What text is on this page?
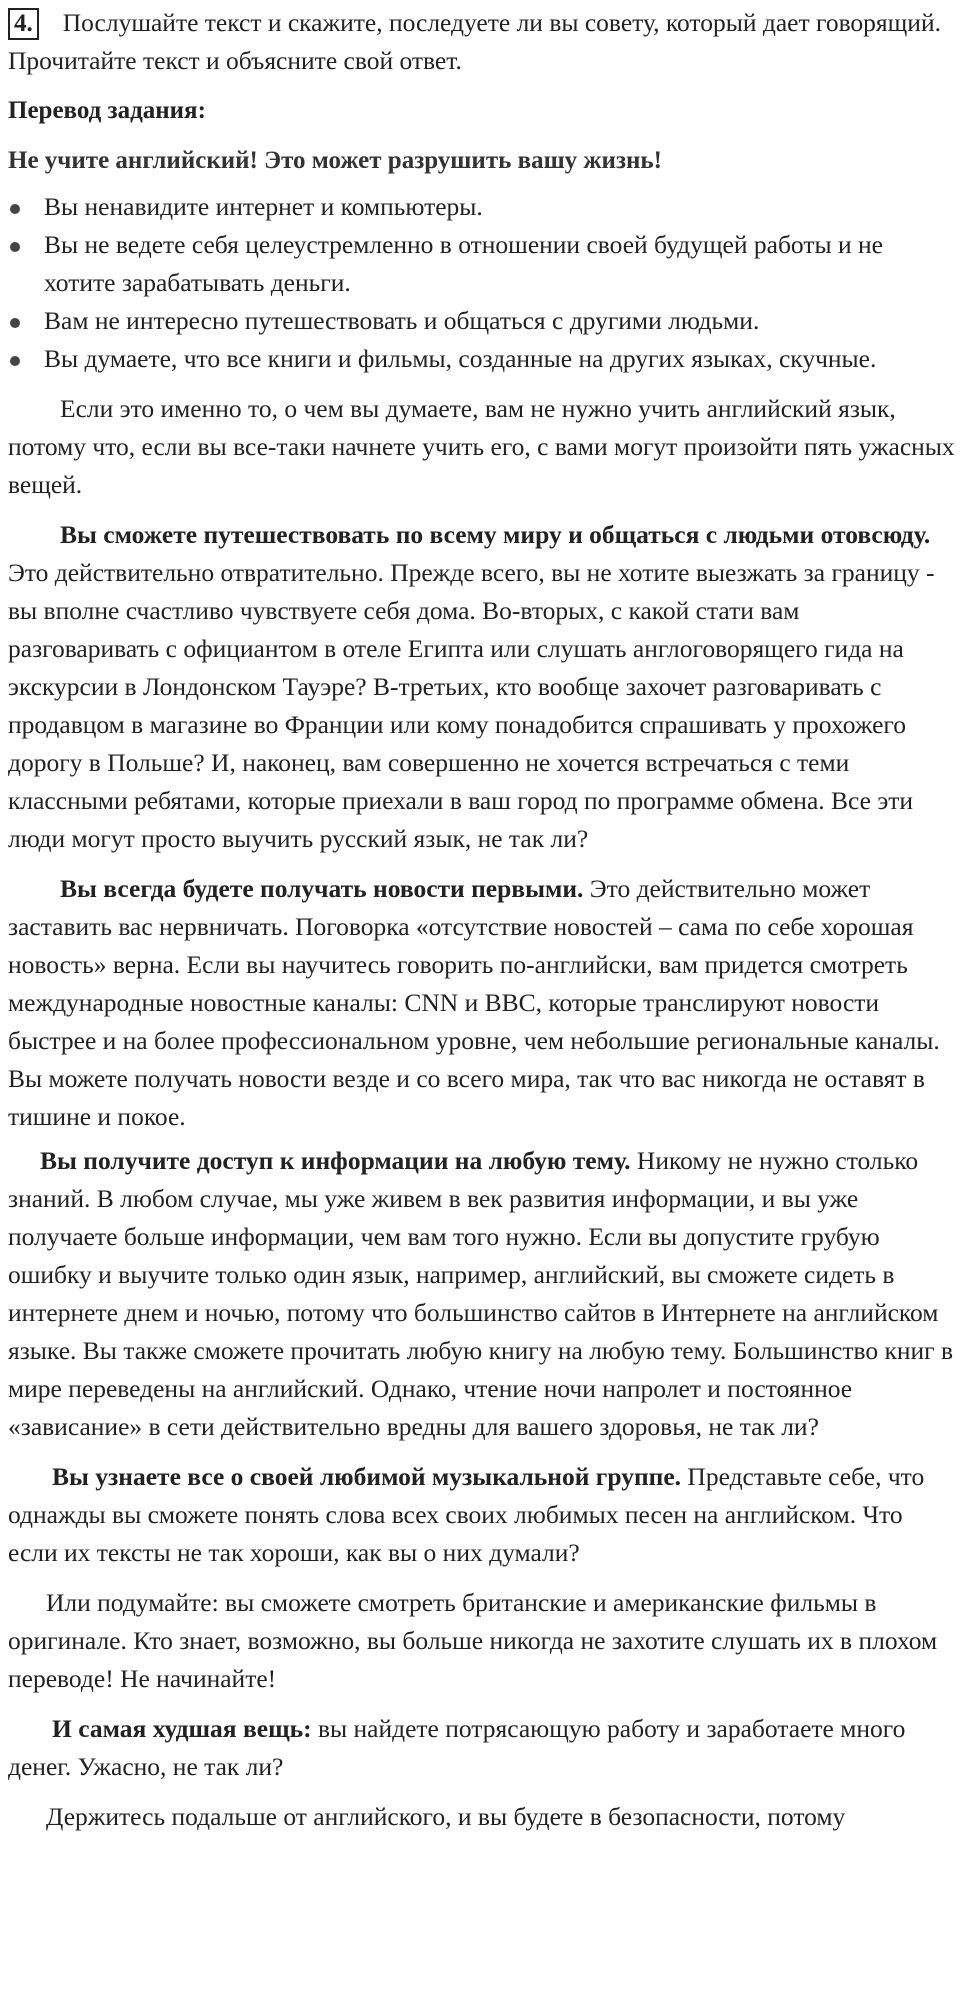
4. Послушайте текст и скажите, последуете ли вы совету, который дает говорящий. Прочитайте текст и объясните свой ответ.

Перевод задания:
Не учите английский! Это может разрушить вашу жизнь!
Вы ненавидите интернет и компьютеры.
Вы не ведете себя целеустремленно в отношении своей будущей работы и не хотите зарабатывать деньги.
Вам не интересно путешествовать и общаться с другими людьми.
Вы думаете, что все книги и фильмы, созданные на других языках, скучные.

Если это именно то, о чем вы думаете, вам не нужно учить английский язык, потому что, если вы все-таки начнете учить его, с вами могут произойти пять ужасных вещей.

Вы сможете путешествовать по всему миру и общаться с людьми отовсюду. Это действительно отвратительно. Прежде всего, вы не хотите выезжать за границу - вы вполне счастливо чувствуете себя дома. Во-вторых, с какой стати вам разговаривать с официантом в отеле Египта или слушать англоговорящего гида на экскурсии в Лондонском Тауэре? В-третьих, кто вообще захочет разговаривать с продавцом в магазине во Франции или кому понадобится спрашивать у прохожего дорогу в Польше? И, наконец, вам совершенно не хочется встречаться с теми классными ребятами, которые приехали в ваш город по программе обмена. Все эти люди могут просто выучить русский язык, не так ли?

Вы всегда будете получать новости первыми. Это действительно может заставить вас нервничать. Поговорка «отсутствие новостей – сама по себе хорошая новость» верна. Если вы научитесь говорить по-английски, вам придется смотреть международные новостные каналы: CNN и BBC, которые транслируют новости быстрее и на более профессиональном уровне, чем небольшие региональные каналы. Вы можете получать новости везде и со всего мира, так что вас никогда не оставят в тишине и покое.

Вы получите доступ к информации на любую тему. Никому не нужно столько знаний. В любом случае, мы уже живем в век развития информации, и вы уже получаете больше информации, чем вам того нужно. Если вы допустите грубую ошибку и выучите только один язык, например, английский, вы сможете сидеть в интернете днем и ночью, потому что большинство сайтов в Интернете на английском языке. Вы также сможете прочитать любую книгу на любую тему. Большинство книг в мире переведены на английский. Однако, чтение ночи напролет и постоянное «зависание» в сети действительно вредны для вашего здоровья, не так ли?

Вы узнаете все о своей любимой музыкальной группе. Представьте себе, что однажды вы сможете понять слова всех своих любимых песен на английском. Что если их тексты не так хороши, как вы о них думали?

Или подумайте: вы сможете смотреть британские и американские фильмы в оригинале. Кто знает, возможно, вы больше никогда не захотите слушать их в плохом переводе! Не начинайте!

И самая худшая вещь: вы найдете потрясающую работу и заработаете много денег. Ужасно, не так ли?

Держитесь подальше от английского, и вы будете в безопасности, потому
